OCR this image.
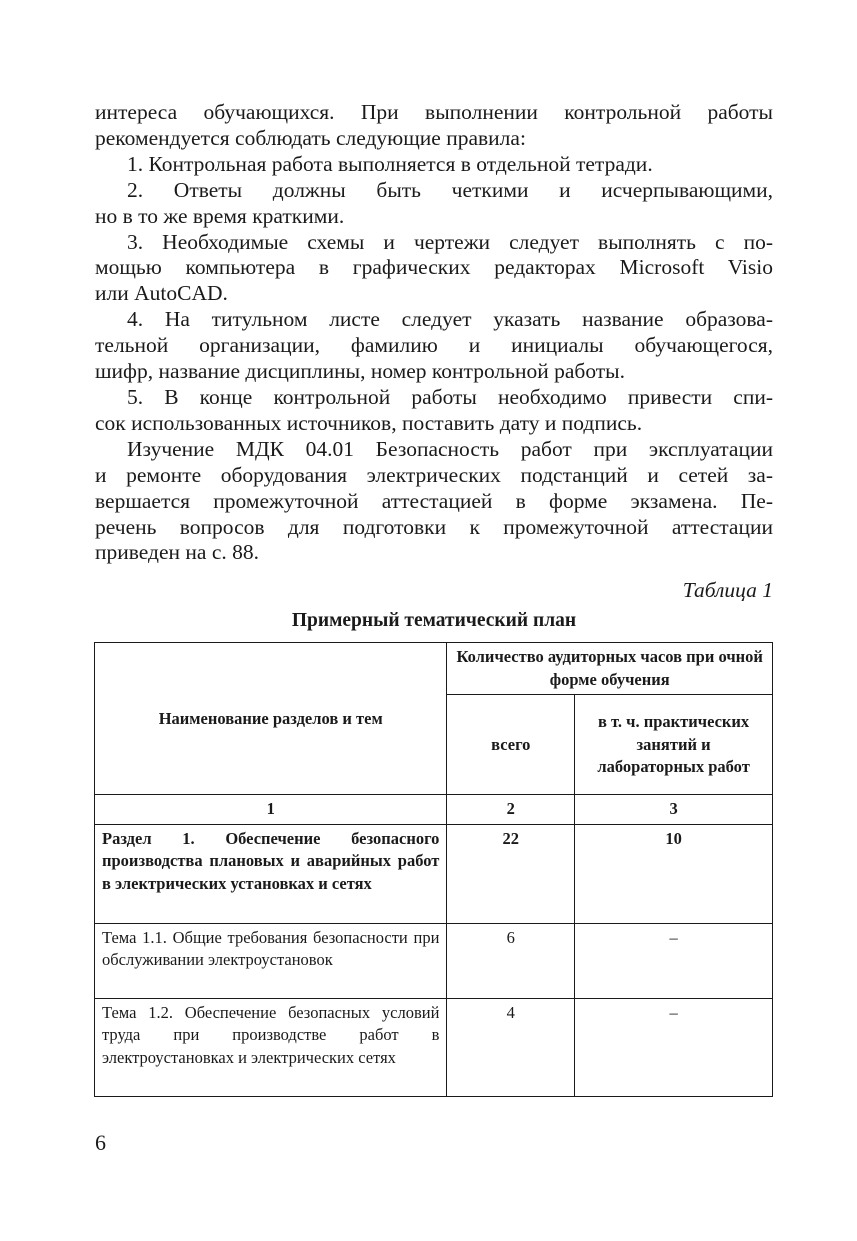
интереса обучающихся. При выполнении контрольной работы

рекомендуется соблюдать следующие правила:

1. Контрольная работа выполняется в отдельной тетради.

2. Ответы должны быть четкими и исчерпывающими,

но в то же время краткими.

3. Необходимые схемы и чертежи следует выполнять с по-

мощью компьютера в графических редакторах Microsoft Visio

или AutoCAD.

4. На титульном листе следует указать название образова-

тельной организации, фамилию и инициалы обучающегося,

шифр, название дисциплины, номер контрольной работы.

5. В конце контрольной работы необходимо привести спи-

сок использованных источников, поставить дату и подпись.

Изучение МДК 04.01 Безопасность работ при эксплуатации

и ремонте оборудования электрических подстанций и сетей за-

вершается промежуточной аттестацией в форме экзамена. Пе-

речень вопросов для подготовки к промежуточной аттестации

приведен на с. 88.

Таблица 1
Примерный тематический план
Наименование разделов и тем	Количество аудиторных часов при очной форме обучения	
	всего	в т. ч. практических занятий и лабораторных работ
1	2	3
Раздел 1. Обеспечение безопасного производства плановых и аварийных работ в электрических установках и сетях	22	10
Тема 1.1. Общие требования безопасности при обслуживании электроустановок	6	–
Тема 1.2. Обеспечение безопасных условий труда при производстве работ в электроустановках и электрических сетях	4	–
6
